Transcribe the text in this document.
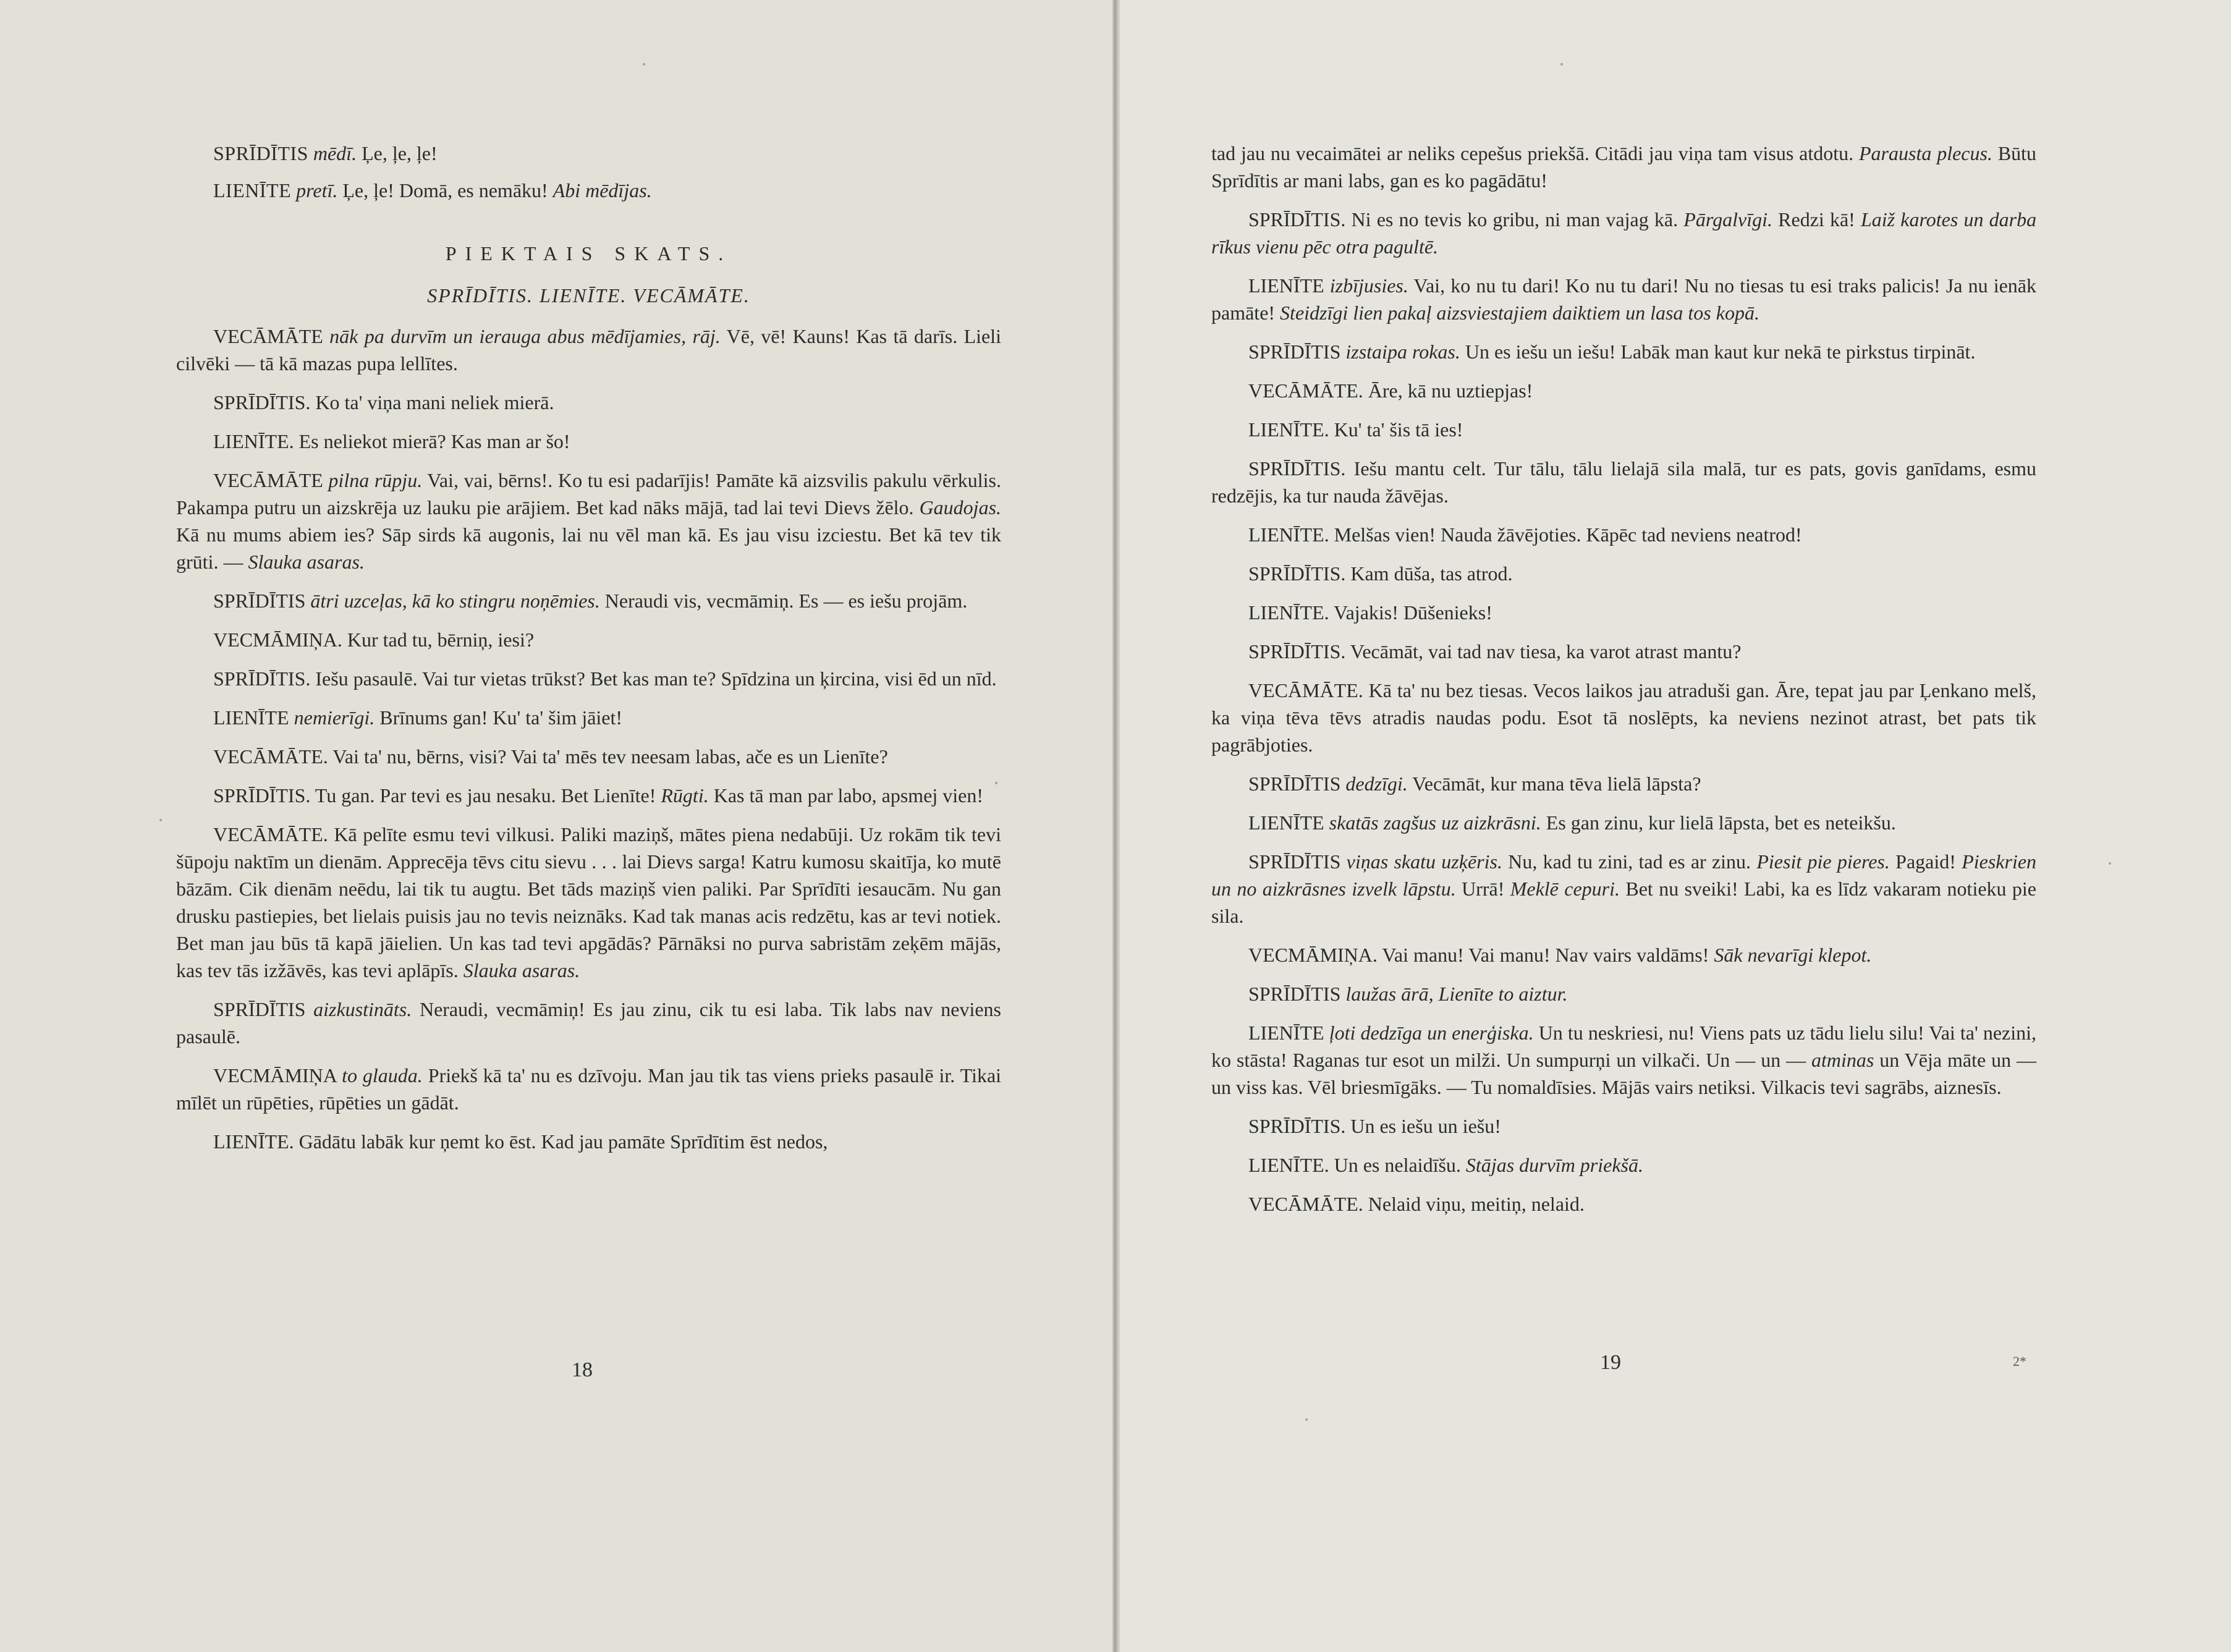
SPRĪDĪTIS mēdī. Ļe, ļe, ļe!

LIENĪTE pretī. Ļe, ļe! Domā, es nemāku! Abi mēdījas.

PIEKTAIS SKATS.

SPRĪDĪTIS. LIENĪTE. VECĀMĀTE.

VECĀMĀTE nāk pa durvīm un ierauga abus mēdījamies, rāj. Vē, vē! Kauns! Kas tā darīs. Lieli cilvēki — tā kā mazas pupa lellītes.

SPRĪDĪTIS. Ko ta' viņa mani neliek mierā.

LIENĪTE. Es neliekot mierā? Kas man ar šo!

VECĀMĀTE pilna rūpju. Vai, vai, bērns!. Ko tu esi padarījis! Pamāte kā aizsvilis pakulu vērkulis. Pakampa putru un aizskrēja uz lauku pie arājiem. Bet kad nāks mājā, tad lai tevi Dievs žēlo. Gaudojas. Kā nu mums abiem ies? Sāp sirds kā augonis, lai nu vēl man kā. Es jau visu izciestu. Bet kā tev tik grūti. — Slauka asaras.

SPRĪDĪTIS ātri uzceļas, kā ko stingru noņēmies. Neraudi vis, vecmāmiņ. Es — es iešu projām.

VECMĀMIŅA. Kur tad tu, bērniņ, iesi?

SPRĪDĪTIS. Iešu pasaulē. Vai tur vietas trūkst? Bet kas man te? Spīdzina un ķircina, visi ēd un nīd.

LIENĪTE nemierīgi. Brīnums gan! Ku' ta' šim jāiet!

VECĀMĀTE. Vai ta' nu, bērns, visi? Vai ta' mēs tev neesam labas, ače es un Lienīte?

SPRĪDĪTIS. Tu gan. Par tevi es jau nesaku. Bet Lienīte! Rūgti. Kas tā man par labo, apsmej vien!

VECĀMĀTE. Kā pelīte esmu tevi vilkusi. Paliki maziņš, mātes piena nedabūji. Uz rokām tik tevi šūpoju naktīm un dienām. Apprecēja tēvs citu sievu . . . lai Dievs sarga! Katru kumosu skaitīja, ko mutē bāzām. Cik dienām neēdu, lai tik tu augtu. Bet tāds maziņš vien paliki. Par Sprīdīti iesaucām. Nu gan drusku pastiepies, bet lielais puisis jau no tevis neiznāks. Kad tak manas acis redzētu, kas ar tevi notiek. Bet man jau būs tā kapā jāielien. Un kas tad tevi apgādās? Pārnāksi no purva sabristām zeķēm mājās, kas tev tās izžāvēs, kas tevi aplāpīs. Slauka asaras.

SPRĪDĪTIS aizkustināts. Neraudi, vecmāmiņ! Es jau zinu, cik tu esi laba. Tik labs nav neviens pasaulē.

VECMĀMIŅA to glauda. Priekš kā ta' nu es dzīvoju. Man jau tik tas viens prieks pasaulē ir. Tikai mīlēt un rūpēties, rūpēties un gādāt.

LIENĪTE. Gādātu labāk kur ņemt ko ēst. Kad jau pamāte Sprīdītim ēst nedos,

18

tad jau nu vecaimātei ar neliks cepešus priekšā. Citādi jau viņa tam visus atdotu. Paraustа plecus. Būtu Sprīdītis ar mani labs, gan es ko pagādātu!

SPRĪDĪTIS. Ni es no tevis ko gribu, ni man vajag kā. Pārgalvīgi. Redzi kā! Laiž karotes un darba rīkus vienu pēc otra pagultē.

LIENĪTE izbījusies. Vai, ko nu tu dari! Ko nu tu dari! Nu no tiesas tu esi traks palicis! Ja nu ienāk pamāte! Steidzīgi lien pakaļ aizsviestajiem daiktiem un lasa tos kopā.

SPRĪDĪTIS izstaipa rokas. Un es iešu un iešu! Labāk man kaut kur nekā te pirkstus tirpināt.

VECĀMĀTE. Āre, kā nu uztiepjas!

LIENĪTE. Ku' ta' šis tā ies!

SPRĪDĪTIS. Iešu mantu celt. Tur tālu, tālu lielajā sila malā, tur es pats, govis ganīdams, esmu redzējis, ka tur nauda žāvējas.

LIENĪTE. Melšas vien! Nauda žāvējoties. Kāpēc tad neviens neatrod!

SPRĪDĪTIS. Kam dūša, tas atrod.

LIENĪTE. Vajakis! Dūšenieks!

SPRĪDĪTIS. Vecāmāt, vai tad nav tiesa, ka varot atrast mantu?

VECĀMĀTE. Kā ta' nu bez tiesas. Vecos laikos jau atraduši gan. Āre, tepat jau par Ļenkano melš, ka viņa tēva tēvs atradis naudas podu. Esot tā noslēpts, ka neviens nezinot atrast, bet pats tik pagrābjoties.

SPRĪDĪTIS dedzīgi. Vecāmāt, kur mana tēva lielā lāpsta?

LIENĪTE skatās zagšus uz aizkrāsni. Es gan zinu, kur lielā lāpsta, bet es neteikšu.

SPRĪDĪTIS viņas skatu uzķēris. Nu, kad tu zini, tad es ar zinu. Piesit pie pieres. Pagaid! Pieskrien un no aizkrāsnes izvelk lāpstu. Urrā! Meklē cepuri. Bet nu sveiki! Labi, ka es līdz vakaram notieku pie sila.

VECMĀMIŅA. Vai manu! Vai manu! Nav vairs valdāms! Sāk nevarīgi klepot.

SPRĪDĪTIS laužas ārā, Lienīte to aiztur.

LIENĪTE ļoti dedzīga un enerģiska. Un tu neskriesi, nu! Viens pats uz tādu lielu silu! Vai ta' nezini, ko stāsta! Raganas tur esot un milži. Un sumpurņi un vilkači. Un — un — atminas un Vēja māte un — un viss kas. Vēl briesmīgāks. — Tu nomaldīsies. Mājās vairs netiksi. Vilkacis tevi sagrābs, aiznesīs.

SPRĪDĪTIS. Un es iešu un iešu!

LIENĪTE. Un es nelaidīšu. Stājas durvīm priekšā.

VECĀMĀTE. Nelaid viņu, meitiņ, nelaid.

19	2*
